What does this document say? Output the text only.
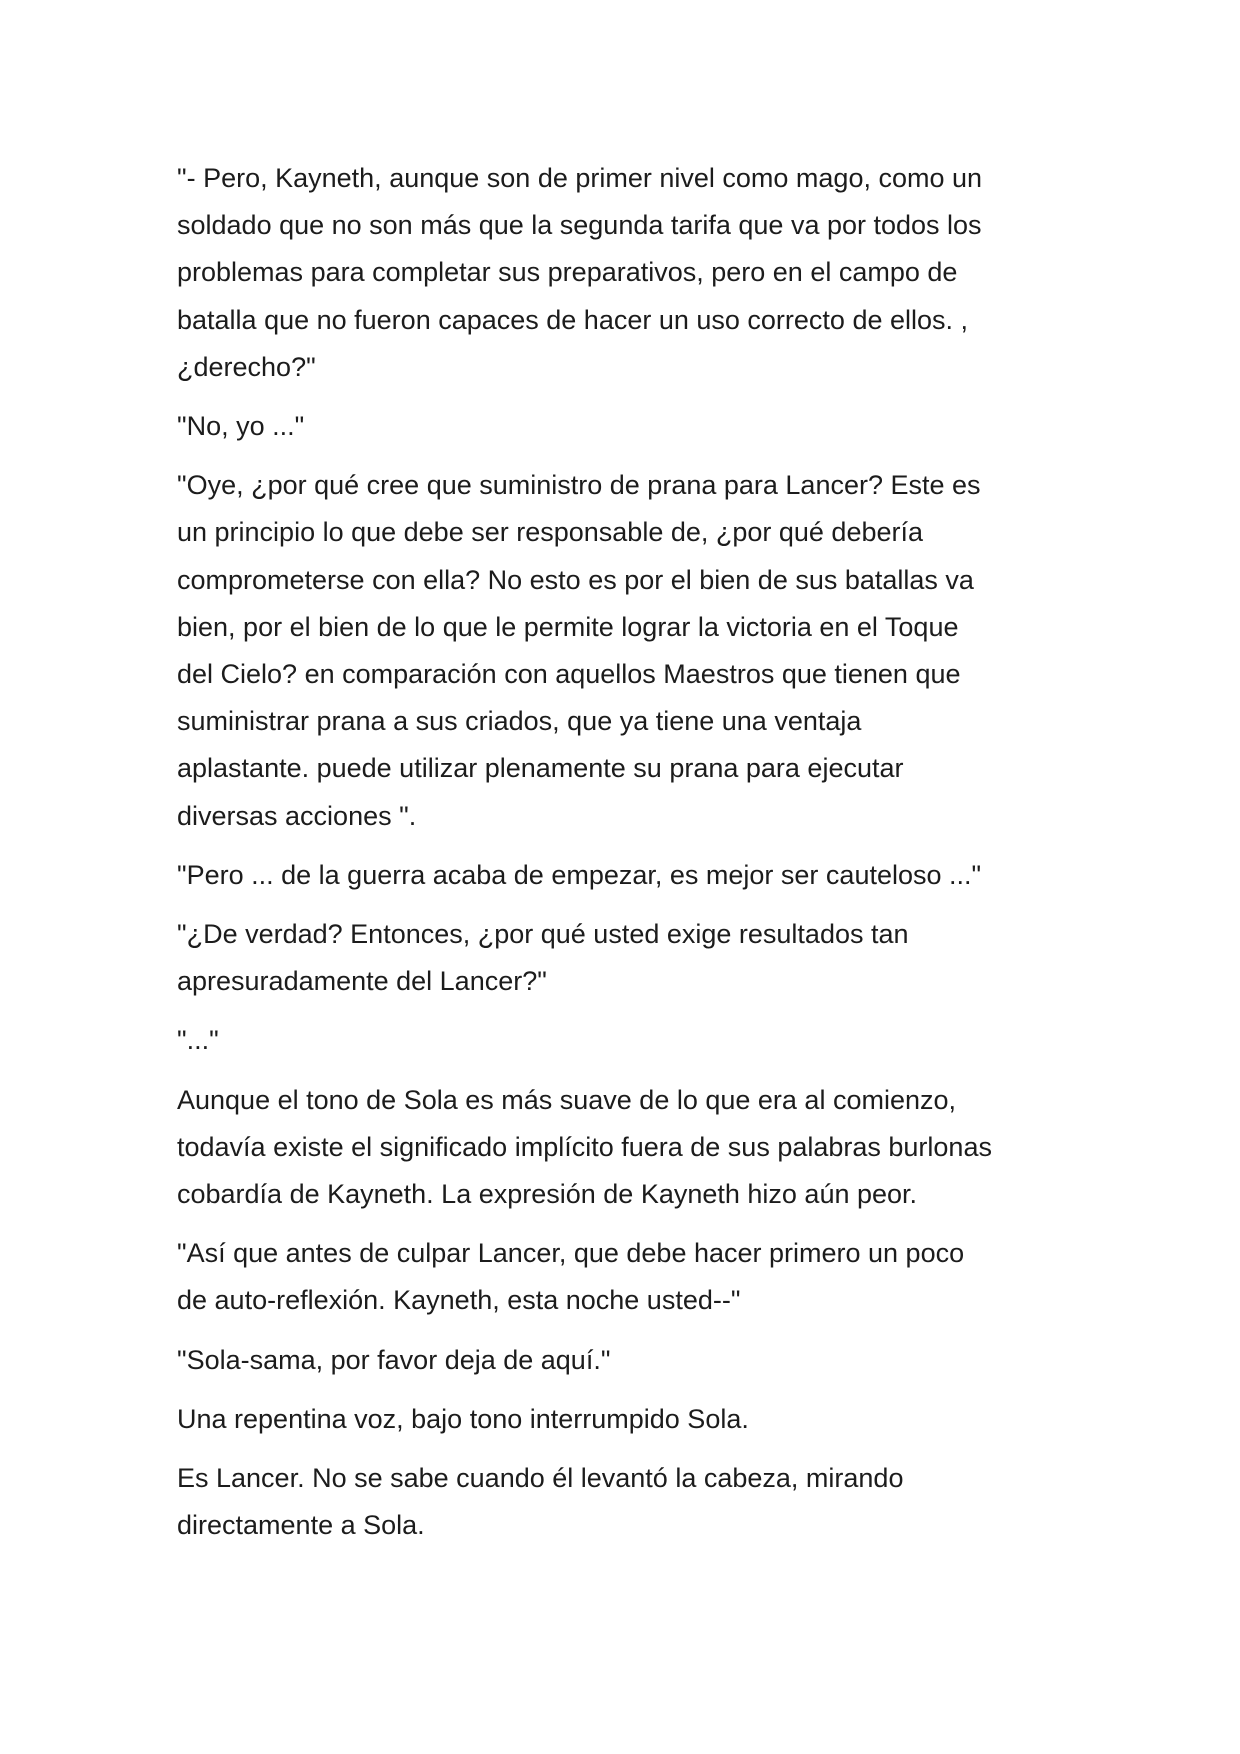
"- Pero, Kayneth, aunque son de primer nivel como mago, como un
soldado que no son más que la segunda tarifa que va por todos los
problemas para completar sus preparativos, pero en el campo de
batalla que no fueron capaces de hacer un uso correcto de ellos. ,
¿derecho?"

"No, yo ..."

"Oye, ¿por qué cree que suministro de prana para Lancer? Este es
un principio lo que debe ser responsable de, ¿por qué debería
comprometerse con ella? No esto es por el bien de sus batallas va
bien, por el bien de lo que le permite lograr la victoria en el Toque
del Cielo? en comparación con aquellos Maestros que tienen que
suministrar prana a sus criados, que ya tiene una ventaja
aplastante. puede utilizar plenamente su prana para ejecutar
diversas acciones ".

"Pero ... de la guerra acaba de empezar, es mejor ser cauteloso ..."

"¿De verdad? Entonces, ¿por qué usted exige resultados tan
apresuradamente del Lancer?"

"..."

Aunque el tono de Sola es más suave de lo que era al comienzo,
todavía existe el significado implícito fuera de sus palabras burlonas
cobardía de Kayneth. La expresión de Kayneth hizo aún peor.

"Así que antes de culpar Lancer, que debe hacer primero un poco
de auto-reflexión. Kayneth, esta noche usted--"

"Sola-sama, por favor deja de aquí."

Una repentina voz, bajo tono interrumpido Sola.

Es Lancer. No se sabe cuando él levantó la cabeza, mirando
directamente a Sola.
